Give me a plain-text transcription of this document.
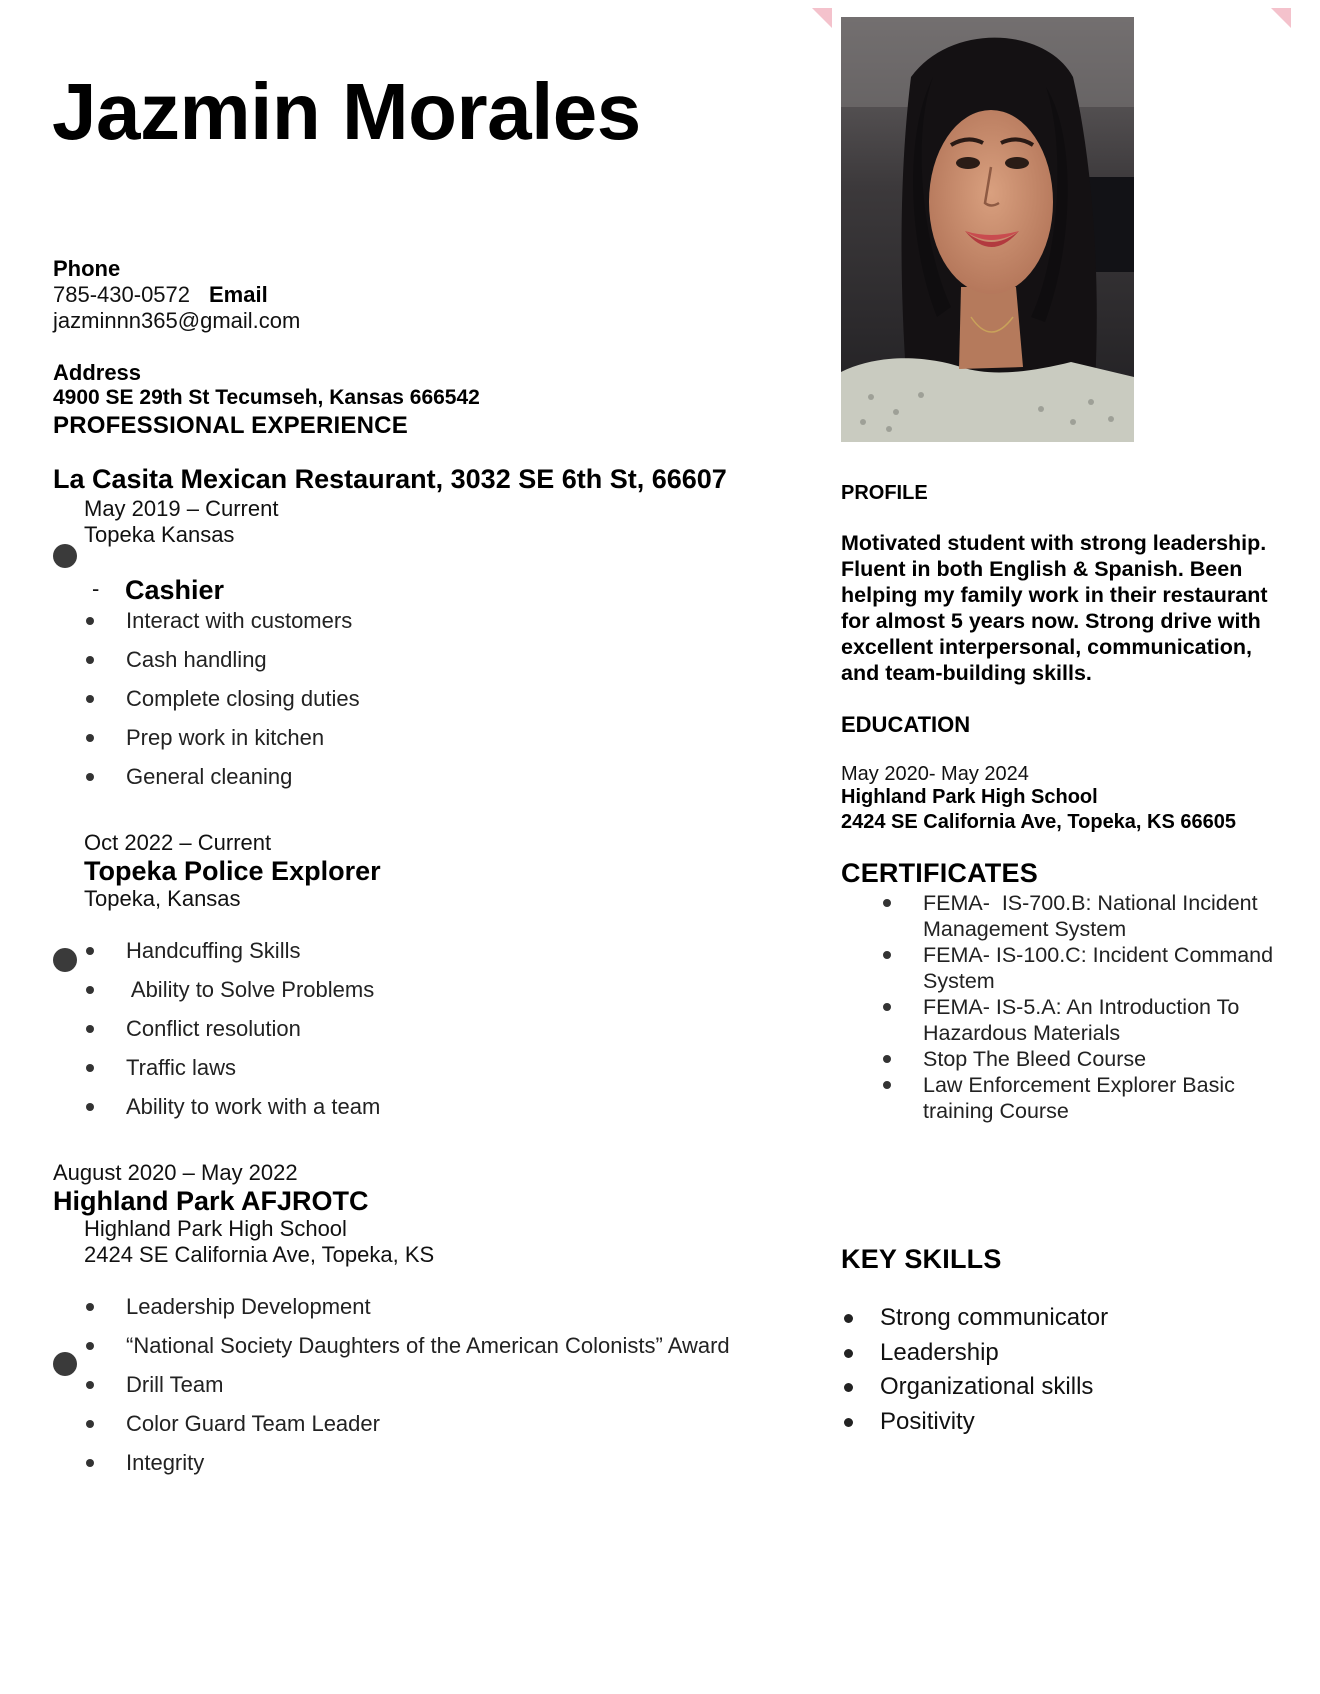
Jazmin Morales
Phone
785-430-0572 Email
jazminnn365@gmail.com
Address
4900 SE 29th St Tecumseh, Kansas 666542
PROFESSIONAL EXPERIENCE
La Casita Mexican Restaurant, 3032 SE 6th St, 66607
May 2019 – Current
Topeka Kansas
- Cashier
Interact with customers
Cash handling
Complete closing duties
Prep work in kitchen
General cleaning
Oct 2022 – Current
Topeka Police Explorer
Topeka, Kansas
Handcuffing Skills
Ability to Solve Problems
Conflict resolution
Traffic laws
Ability to work with a team
August 2020 – May 2022
Highland Park AFJROTC
Highland Park High School
2424 SE California Ave, Topeka, KS
Leadership Development
“National Society Daughters of the American Colonists” Award
Drill Team
Color Guard Team Leader
Integrity
PROFILE
Motivated student with strong leadership. Fluent in both English & Spanish. Been helping my family work in their restaurant for almost 5 years now. Strong drive with excellent interpersonal, communication, and team-building skills.
EDUCATION
May 2020- May 2024
Highland Park High School
2424 SE California Ave, Topeka, KS 66605
CERTIFICATES
FEMA-  IS-700.B: National Incident Management System
FEMA- IS-100.C: Incident Command System
FEMA- IS-5.A: An Introduction To Hazardous Materials
Stop The Bleed Course
Law Enforcement Explorer Basic training Course
KEY SKILLS
Strong communicator
Leadership
Organizational skills
Positivity
